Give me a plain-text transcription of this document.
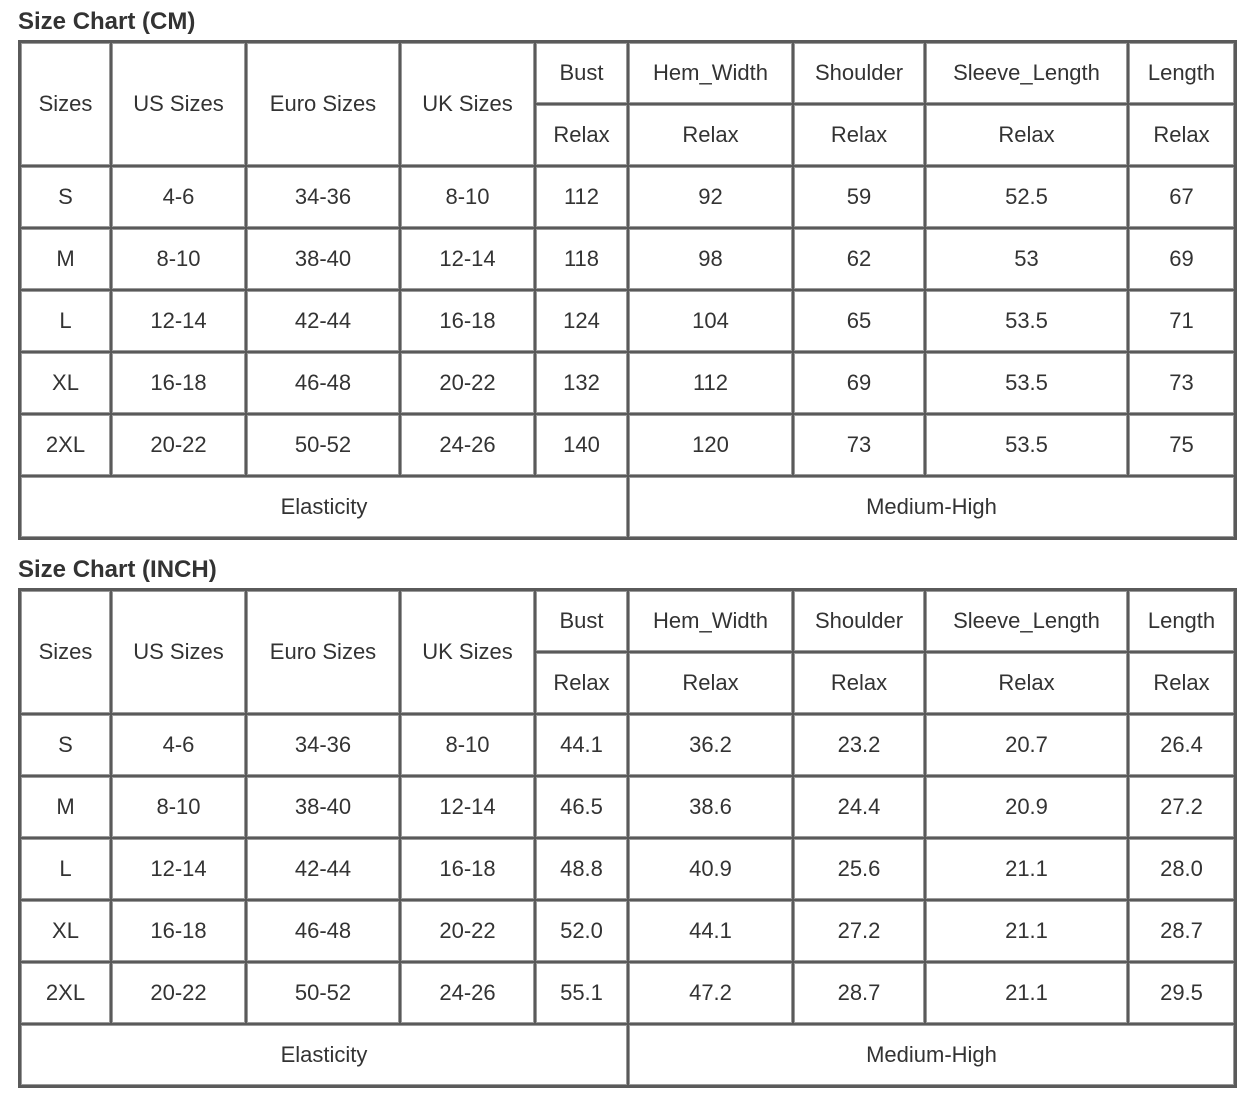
Size Chart (CM)
Sizes	US Sizes	Euro Sizes	UK Sizes	Bust	Hem_Width	Shoulder	Sleeve_Length	Length
				Relax	Relax	Relax	Relax	Relax
S	4-6	34-36	8-10	112	92	59	52.5	67
M	8-10	38-40	12-14	118	98	62	53	69
L	12-14	42-44	16-18	124	104	65	53.5	71
XL	16-18	46-48	20-22	132	112	69	53.5	73
2XL	20-22	50-52	24-26	140	120	73	53.5	75
Elasticity					Medium-High			
Size Chart (INCH)
Sizes	US Sizes	Euro Sizes	UK Sizes	Bust	Hem_Width	Shoulder	Sleeve_Length	Length
				Relax	Relax	Relax	Relax	Relax
S	4-6	34-36	8-10	44.1	36.2	23.2	20.7	26.4
M	8-10	38-40	12-14	46.5	38.6	24.4	20.9	27.2
L	12-14	42-44	16-18	48.8	40.9	25.6	21.1	28.0
XL	16-18	46-48	20-22	52.0	44.1	27.2	21.1	28.7
2XL	20-22	50-52	24-26	55.1	47.2	28.7	21.1	29.5
Elasticity					Medium-High			
